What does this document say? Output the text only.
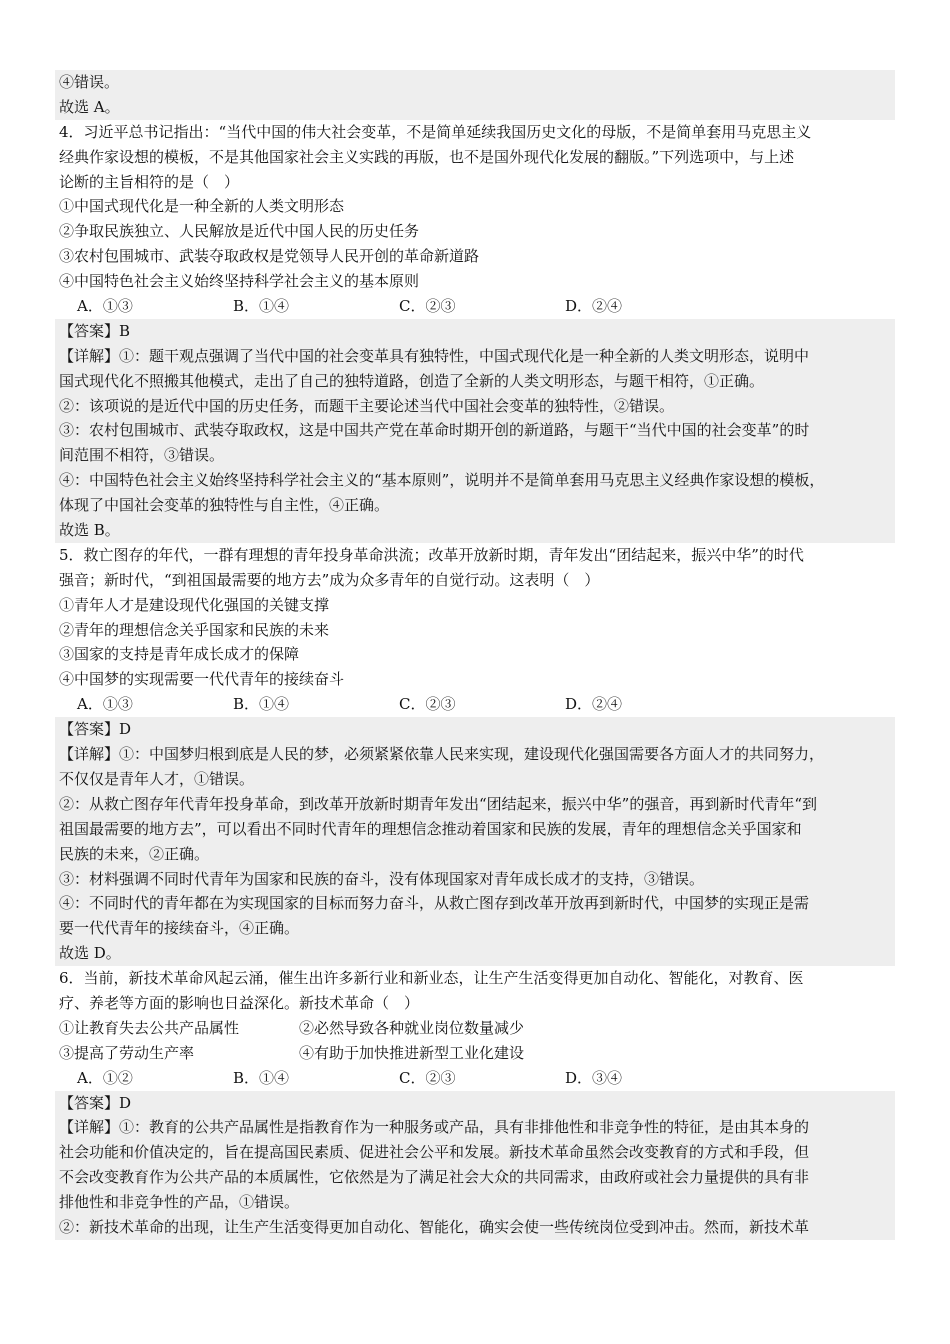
④错误。
故选 A。
4．习近平总书记指出：“当代中国的伟大社会变革，不是简单延续我国历史文化的母版，不是简单套用马克思主义
经典作家设想的模板，不是其他国家社会主义实践的再版，也不是国外现代化发展的翻版。”下列选项中，与上述
论断的主旨相符的是（　）
①中国式现代化是一种全新的人类文明形态
②争取民族独立、人民解放是近代中国人民的历史任务
③农村包围城市、武装夺取政权是党领导人民开创的革命新道路
④中国特色社会主义始终坚持科学社会主义的基本原则
A．①③	B．①④	C．②③	D．②④
【答案】B
【详解】①：题干观点强调了当代中国的社会变革具有独特性，中国式现代化是一种全新的人类文明形态，说明中
国式现代化不照搬其他模式，走出了自己的独特道路，创造了全新的人类文明形态，与题干相符，①正确。
②：该项说的是近代中国的历史任务，而题干主要论述当代中国社会变革的独特性，②错误。
③：农村包围城市、武装夺取政权，这是中国共产党在革命时期开创的新道路，与题干“当代中国的社会变革”的时
间范围不相符，③错误。
④：中国特色社会主义始终坚持科学社会主义的“基本原则”，说明并不是简单套用马克思主义经典作家设想的模板，
体现了中国社会变革的独特性与自主性，④正确。
故选 B。
5．救亡图存的年代，一群有理想的青年投身革命洪流；改革开放新时期，青年发出“团结起来，振兴中华”的时代
强音；新时代，“到祖国最需要的地方去”成为众多青年的自觉行动。这表明（　）
①青年人才是建设现代化强国的关键支撑
②青年的理想信念关乎国家和民族的未来
③国家的支持是青年成长成才的保障
④中国梦的实现需要一代代青年的接续奋斗
A．①③	B．①④	C．②③	D．②④
【答案】D
【详解】①：中国梦归根到底是人民的梦，必须紧紧依靠人民来实现，建设现代化强国需要各方面人才的共同努力，
不仅仅是青年人才，①错误。
②：从救亡图存年代青年投身革命，到改革开放新时期青年发出“团结起来，振兴中华”的强音，再到新时代青年“到
祖国最需要的地方去”，可以看出不同时代青年的理想信念推动着国家和民族的发展，青年的理想信念关乎国家和
民族的未来，②正确。
③：材料强调不同时代青年为国家和民族的奋斗，没有体现国家对青年成长成才的支持，③错误。
④：不同时代的青年都在为实现国家的目标而努力奋斗，从救亡图存到改革开放再到新时代，中国梦的实现正是需
要一代代青年的接续奋斗，④正确。
故选 D。
6．当前，新技术革命风起云涌，催生出许多新行业和新业态，让生产生活变得更加自动化、智能化，对教育、医
疗、养老等方面的影响也日益深化。新技术革命（　）
①让教育失去公共产品属性	②必然导致各种就业岗位数量减少
③提高了劳动生产率	④有助于加快推进新型工业化建设
A．①②	B．①④	C．②③	D．③④
【答案】D
【详解】①：教育的公共产品属性是指教育作为一种服务或产品，具有非排他性和非竞争性的特征，是由其本身的
社会功能和价值决定的，旨在提高国民素质、促进社会公平和发展。新技术革命虽然会改变教育的方式和手段，但
不会改变教育作为公共产品的本质属性，它依然是为了满足社会大众的共同需求，由政府或社会力量提供的具有非
排他性和非竞争性的产品，①错误。
②：新技术革命的出现，让生产生活变得更加自动化、智能化，确实会使一些传统岗位受到冲击。然而，新技术革
